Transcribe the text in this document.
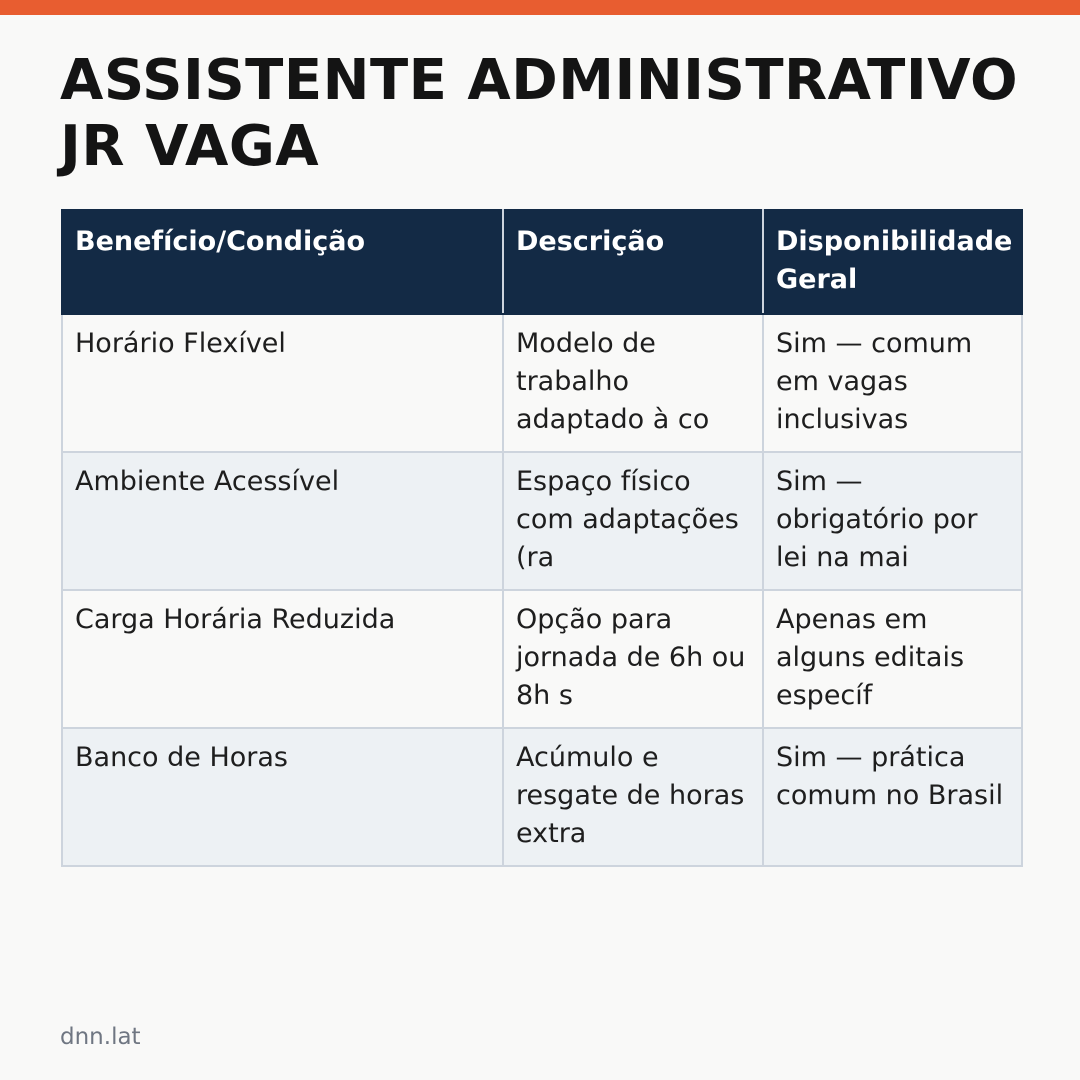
ASSISTENTE ADMINISTRATIVO JR VAGA
Benefício/Condição	Descrição	Disponibilidade Geral
Horário Flexível	Modelo de trabalho adaptado à co	Sim — comum em vagas inclusivas
Ambiente Acessível	Espaço físico com adaptações (ra	Sim — obrigatório por lei na mai
Carga Horária Reduzida	Opção para jornada de 6h ou 8h s	Apenas em alguns editais específ
Banco de Horas	Acúmulo e resgate de horas extra	Sim — prática comum no Brasil
dnn.lat
